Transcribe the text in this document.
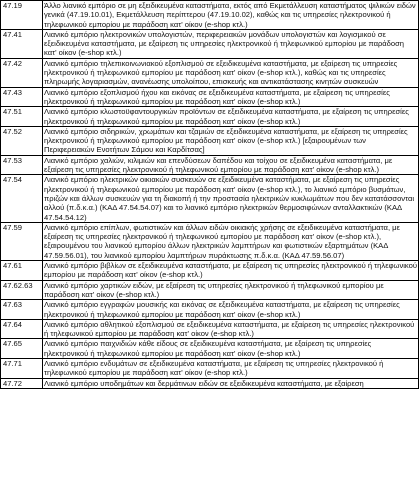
47.19	Άλλο λιανικό εμπόριο σε μη εξειδικευμένα καταστήματα, εκτός από Εκμετάλλευση καταστήματος ψιλικών ειδών γενικά (47.19.10.01), Εκμετάλλευση περίπτερου (47.19.10.02), καθώς και τις υπηρεσίες ηλεκτρονικού ή τηλεφωνικού εμπορίου με παράδοση κατ' οίκον (e-shop κτλ.)
47.41	Λιανικό εμπόριο ηλεκτρονικών υπολογιστών, περιφερειακών μονάδων υπολογιστών και λογισμικού σε εξειδικευμένα καταστήματα, με εξαίρεση τις υπηρεσίες ηλεκτρονικού ή τηλεφωνικού εμπορίου με παράδοση κατ' οίκον (e-shop κτλ.)
47.42	Λιανικό εμπόριο τηλεπικοινωνιακού εξοπλισμού σε εξειδικευμένα καταστήματα, με εξαίρεση τις υπηρεσίες ηλεκτρονικού ή τηλεφωνικού εμπορίου με παράδοση κατ' οίκον (e-shop κτλ.), καθώς και τις υπηρεσίες πληρωμής λογαριασμών, ανανέωσης υπολοίπου, επισκευής και αντικατάστασης κινητών συσκευών
47.43	Λιανικό εμπόριο εξοπλισμού ήχου και εικόνας σε εξειδικευμένα καταστήματα, με εξαίρεση τις υπηρεσίες ηλεκτρονικού ή τηλεφωνικού εμπορίου με παράδοση κατ' οίκον (e-shop κτλ.)
47.51	Λιανικό εμπόριο κλωστοϋφαντουργικών προϊόντων σε εξειδικευμένα καταστήματα, με εξαίρεση τις υπηρεσίες ηλεκτρονικού ή τηλεφωνικού εμπορίου με παράδοση κατ' οίκον (e-shop κτλ.)
47.52	Λιανικό εμπόριο σιδηρικών, χρωμάτων και τζαμιών σε εξειδικευμένα καταστήματα, με εξαίρεση τις υπηρεσίες ηλεκτρονικού ή τηλεφωνικού εμπορίου με παράδοση κατ' οίκον (e-shop κτλ.) [εξαιρουμένων των Περιφερειακών Ενοτήτων Σάμου και Καρδίτσας]
47.53	Λιανικό εμπόριο χαλιών, κιλιμιών και επενδύσεων δαπέδου και τοίχου σε εξειδικευμένα καταστήματα, με εξαίρεση τις υπηρεσίες ηλεκτρονικού ή τηλεφωνικού εμπορίου με παράδοση κατ' οίκον (e-shop κτλ.)
47.54	Λιανικό εμπόριο ηλεκτρικών οικιακών συσκευών σε εξειδικευμένα καταστήματα, με εξαίρεση τις υπηρεσίες ηλεκτρονικού ή τηλεφωνικού εμπορίου με παράδοση κατ' οίκον (e-shop κτλ.), το λιανικό εμπόριο βυσμάτων, πριζών και άλλων συσκευών για τη διακοπή ή την προστασία ηλεκτρικών κυκλωμάτων που δεν κατατάσσονται αλλού (π.δ.κ.α.) (ΚΑΔ 47.54.54.07) και το λιανικό εμπόριο ηλεκτρικών θερμοσιφώνων ανταλλακτικών (ΚΑΔ 47.54.54.12)
47.59	Λιανικό εμπόριο επίπλων, φωτιστικών και άλλων ειδών οικιακής χρήσης σε εξειδικευμένα καταστήματα, με εξαίρεση τις υπηρεσίες ηλεκτρονικού ή τηλεφωνικού εμπορίου με παράδοση κατ' οίκον (e-shop κτλ.), εξαιρουμένου του λιανικού εμπορίου άλλων ηλεκτρικών λαμπτήρων και φωτιστικών εξαρτημάτων (ΚΑΔ 47.59.56.01), του λιανικού εμπορίου λαμπτήρων πυράκτωσης π.δ.κ.α. (ΚΑΔ 47.59.56.07)
47.61	Λιανικό εμπόριο βιβλίων σε εξειδικευμένα καταστήματα, με εξαίρεση τις υπηρεσίες ηλεκτρονικού ή τηλεφωνικού εμπορίου με παράδοση κατ' οίκον (e-shop κτλ.)
47.62.63	Λιανικό εμπόριο χαρτικών ειδών, με εξαίρεση τις υπηρεσίες ηλεκτρονικού ή τηλεφωνικού εμπορίου με παράδοση κατ' οίκον (e-shop κτλ.)
47.63	Λιανικό εμπόριο εγγραφών μουσικής και εικόνας σε εξειδικευμένα καταστήματα, με εξαίρεση τις υπηρεσίες ηλεκτρονικού ή τηλεφωνικού εμπορίου με παράδοση κατ' οίκον (e-shop κτλ.)
47.64	Λιανικό εμπόριο αθλητικού εξοπλισμού σε εξειδικευμένα καταστήματα, με εξαίρεση τις υπηρεσίες ηλεκτρονικού ή τηλεφωνικού εμπορίου με παράδοση κατ' οίκον (e-shop κτλ.)
47.65	Λιανικό εμπόριο παιχνιδιών κάθε είδους σε εξειδικευμένα καταστήματα, με εξαίρεση τις υπηρεσίες ηλεκτρονικού ή τηλεφωνικού εμπορίου με παράδοση κατ' οίκον (e-shop κτλ.)
47.71	Λιανικό εμπόριο ενδυμάτων σε εξειδικευμένα καταστήματα, με εξαίρεση τις υπηρεσίες ηλεκτρονικού ή τηλεφωνικού εμπορίου με παράδοση κατ' οίκον (e-shop κτλ.)
47.72	Λιανικό εμπόριο υποδημάτων και δερμάτινων ειδών σε εξειδικευμένα καταστήματα, με εξαίρεση
